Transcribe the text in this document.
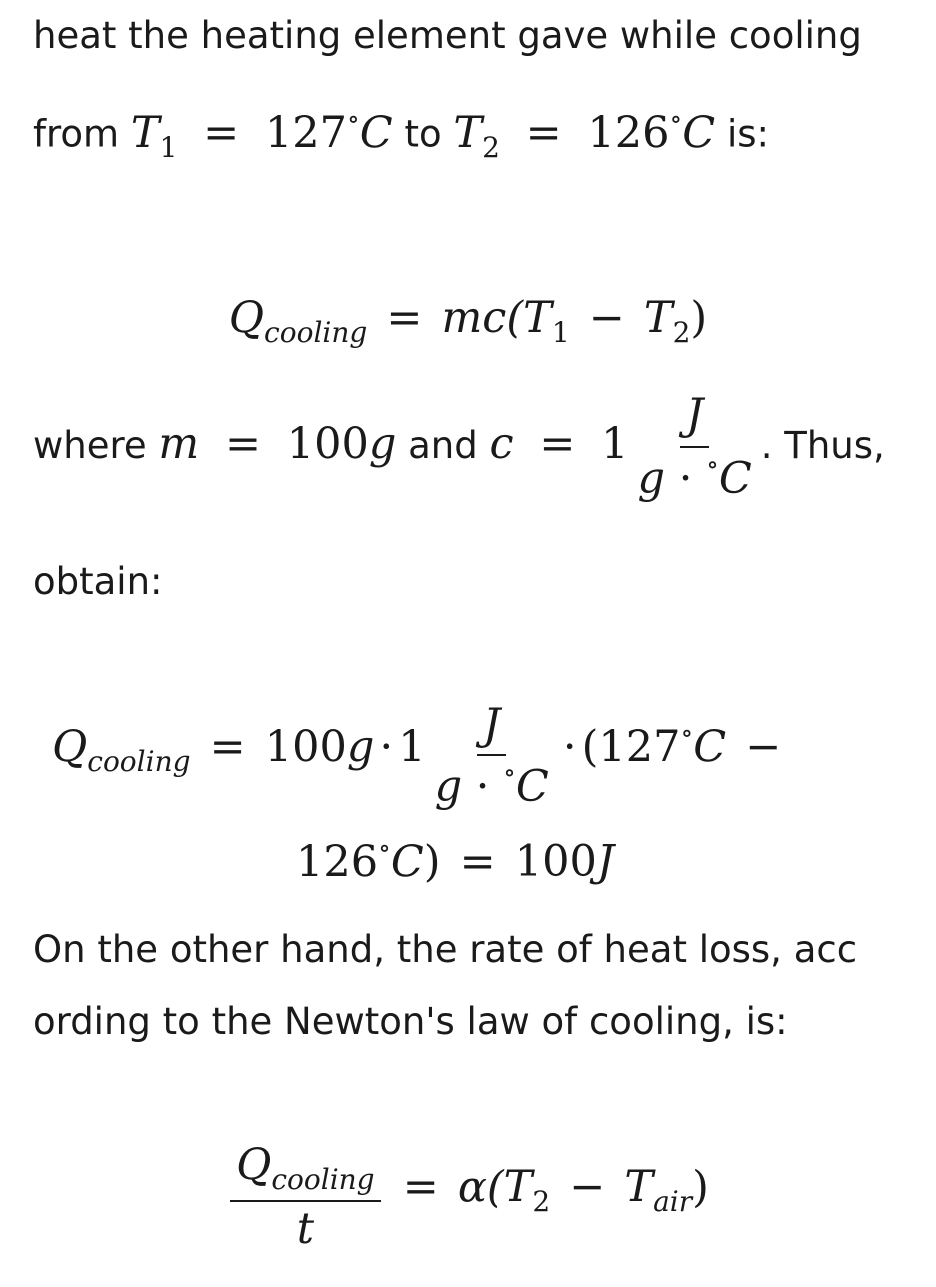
heat the heating element gave while cooling
from $T_1 = 127^\circ C$ to $T_2 = 126^\circ C$ is:
$Q_{cooling} = mc(T_1 - T_2)$
where m = 100g and $c = 1 \frac{J}{g \cdot ^\circ C}$ . Thus,
obtain:
$Q_{cooling} = 100g \cdot 1 \frac{J}{g \cdot ^\circ C} \cdot (127^\circ C$ −
126∘C) = 100J
On the other hand, the rate of heat loss, acc
ording to the Newton's law of cooling, is:
$\frac{Q_{cooling}}{t} = \alpha(T_2 - T_{air})$
